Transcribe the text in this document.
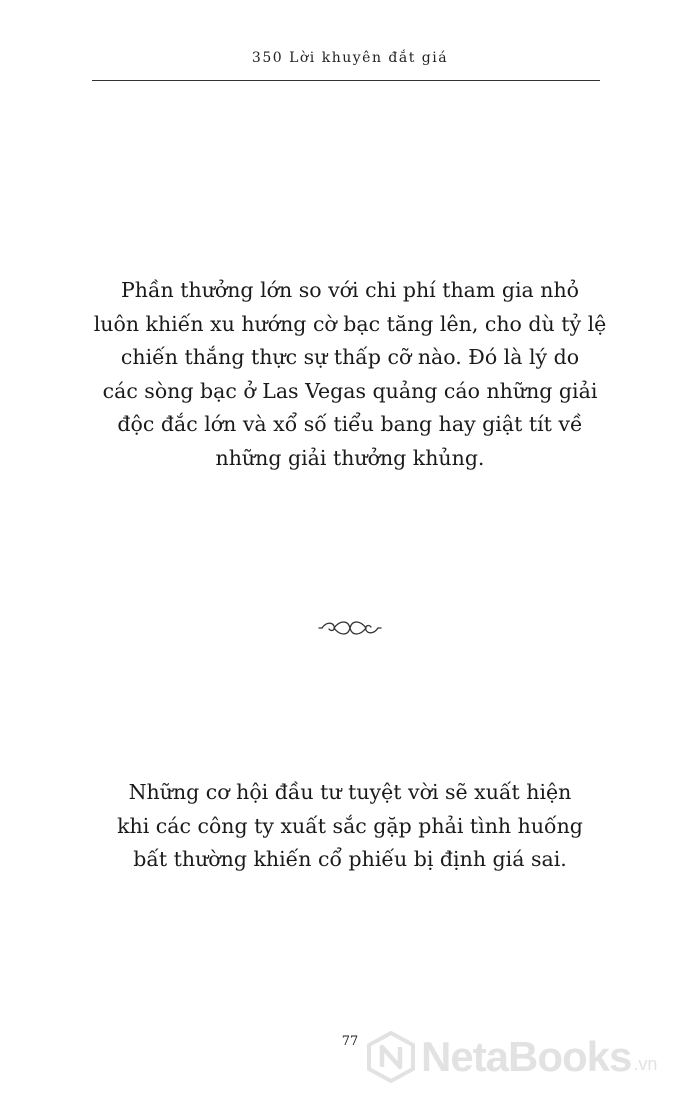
350 Lời khuyên đắt giá
Phần thưởng lớn so với chi phí tham gia nhỏ
luôn khiến xu hướng cờ bạc tăng lên, cho dù tỷ lệ
chiến thắng thực sự thấp cỡ nào. Đó là lý do
các sòng bạc ở Las Vegas quảng cáo những giải
độc đắc lớn và xổ số tiểu bang hay giật tít về
những giải thưởng khủng.
Những cơ hội đầu tư tuyệt vời sẽ xuất hiện
khi các công ty xuất sắc gặp phải tình huống
bất thường khiến cổ phiếu bị định giá sai.
77	NetaBooks .vn
